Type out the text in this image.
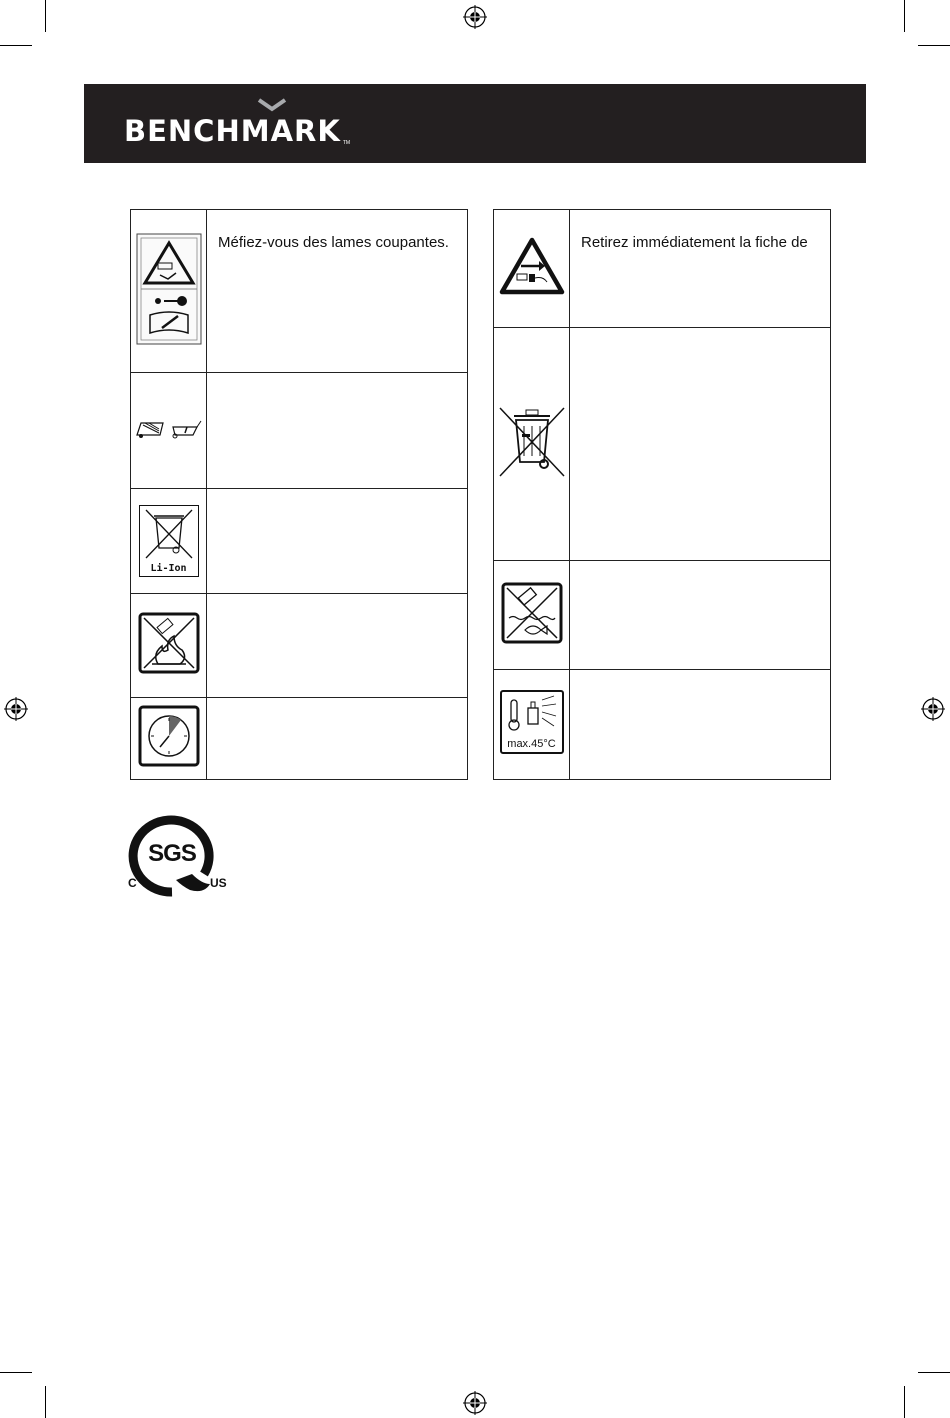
BENCHMARK TM
	Méfiez-vous des lames coupantes.

Li-Ion	

	Retirez immédiatement la fiche de

max.45°C	

SGS
C	US
